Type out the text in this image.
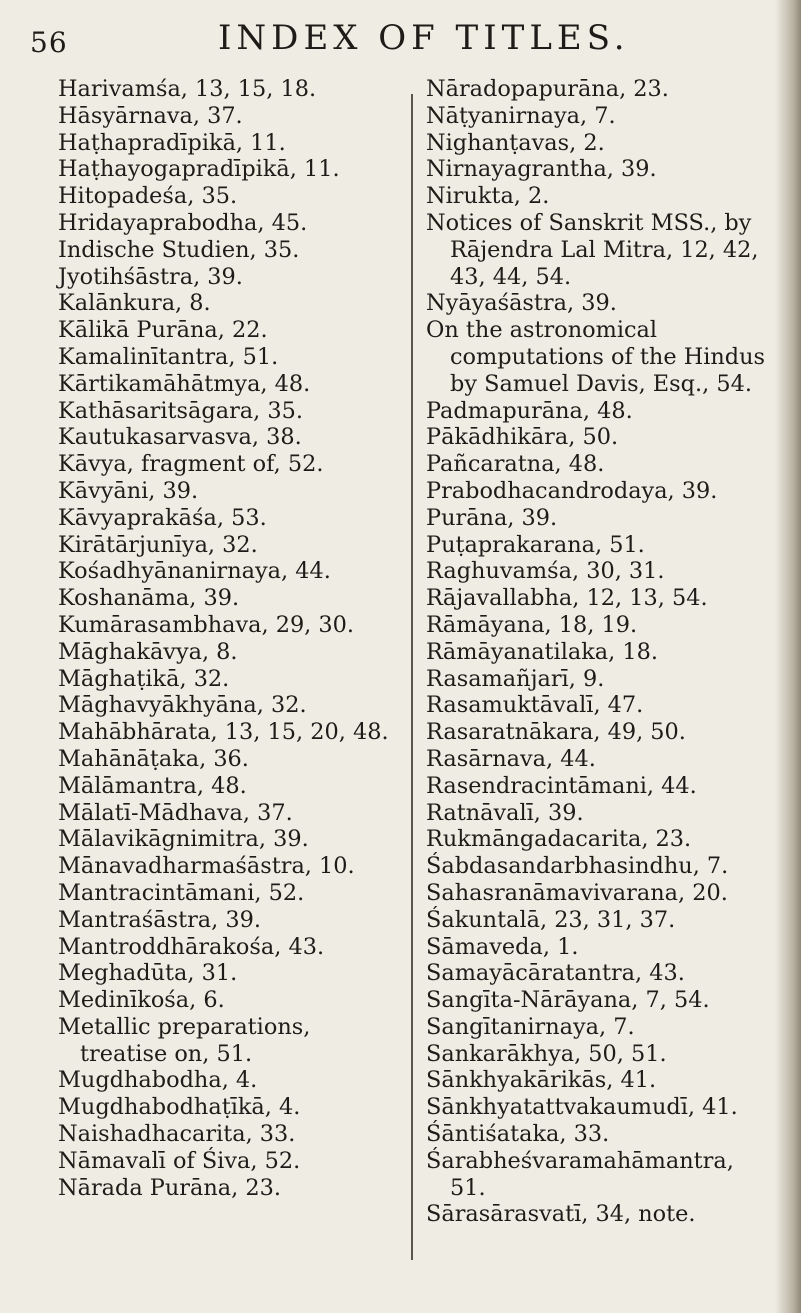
56	INDEX OF TITLES.
Harivamśa, 13, 15, 18.
Hāsyārnava, 37.
Haṭhapradīpikā, 11.
Haṭhayogapradīpikā, 11.
Hitopadeśa, 35.
Hridayaprabodha, 45.
Indische Studien, 35.
Jyotihśāstra, 39.
Kalānkura, 8.
Kālikā Purāna, 22.
Kamalinītantra, 51.
Kārtikamāhātmya, 48.
Kathāsaritsāgara, 35.
Kautukasarvasva, 38.
Kāvya, fragment of, 52.
Kāvyāni, 39.
Kāvyaprakāśa, 53.
Kirātārjunīya, 32.
Kośadhyānanirnaya, 44.
Koshanāma, 39.
Kumārasambhava, 29, 30.
Māghakāvya, 8.
Māghaṭikā, 32.
Māghavyākhyāna, 32.
Mahābhārata, 13, 15, 20, 48.
Mahānāṭaka, 36.
Mālāmantra, 48.
Mālatī-Mādhava, 37.
Mālavikāgnimitra, 39.
Mānavadharmaśāstra, 10.
Mantracintāmani, 52.
Mantraśāstra, 39.
Mantroddhārakośa, 43.
Meghadūta, 31.
Medinīkośa, 6.
Metallic preparations, treatise on, 51.
Mugdhabodha, 4.
Mugdhabodhaṭīkā, 4.
Naishadhacarita, 33.
Nāmavalī of Śiva, 52.
Nārada Purāna, 23.
Nāradopapurāna, 23.
Nāṭyanirnaya, 7.
Nighanṭavas, 2.
Nirnayagrantha, 39.
Nirukta, 2.
Notices of Sanskrit MSS., by Rājendra Lal Mitra, 12, 42, 43, 44, 54.
Nyāyaśāstra, 39.
On the astronomical computations of the Hindus by Samuel Davis, Esq., 54.
Padmapurāna, 48.
Pākādhikāra, 50.
Pañcaratna, 48.
Prabodhacandrodaya, 39.
Purāna, 39.
Puṭaprakarana, 51.
Raghuvamśa, 30, 31.
Rājavallabha, 12, 13, 54.
Rāmāyana, 18, 19.
Rāmāyanatilaka, 18.
Rasamañjarī, 9.
Rasamuktāvalī, 47.
Rasaratnākara, 49, 50.
Rasārnava, 44.
Rasendracintāmani, 44.
Ratnāvalī, 39.
Rukmāngadacarita, 23.
Śabdasandarbhasindhu, 7.
Sahasranāmavivarana, 20.
Śakuntalā, 23, 31, 37.
Sāmaveda, 1.
Samayācāratantra, 43.
Sangīta-Nārāyana, 7, 54.
Sangītanirnaya, 7.
Sankarākhya, 50, 51.
Sānkhyakārikās, 41.
Sānkhyatattvakaumudī, 41.
Śāntiśataka, 33.
Śarabheśvaramahāmantra, 51.
Sārasārasvatī, 34, note.
